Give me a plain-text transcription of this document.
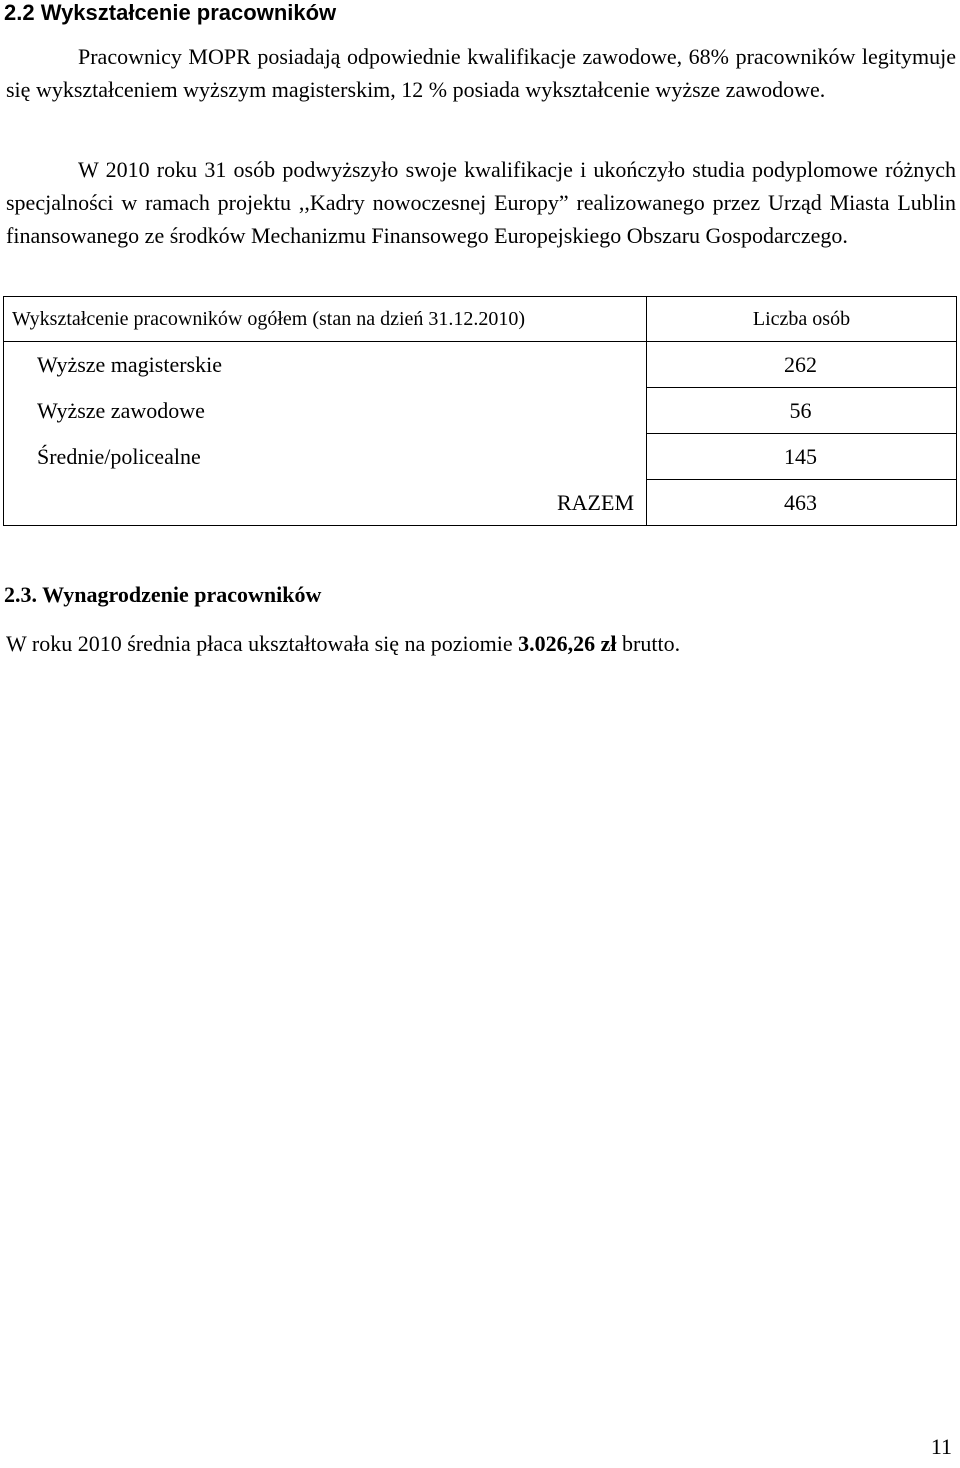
2.2 Wykształcenie pracowników

Pracownicy MOPR posiadają odpowiednie kwalifikacje zawodowe, 68% pracowników legitymuje się wykształceniem wyższym magisterskim, 12 % posiada wykształcenie wyższe zawodowe.

W 2010 roku 31 osób podwyższyło swoje kwalifikacje i ukończyło studia podyplomowe różnych specjalności w ramach projektu ,,Kadry nowoczesnej Europy” realizowanego przez Urząd Miasta Lublin finansowanego ze środków Mechanizmu Finansowego Europejskiego Obszaru Gospodarczego.

Wykształcenie pracowników ogółem (stan na dzień 31.12.2010)	Liczba osób
Wyższe magisterskie	262
Wyższe zawodowe	56
Średnie/policealne	145
RAZEM	463
2.3. Wynagrodzenie pracowników

W roku 2010 średnia płaca ukształtowała się na poziomie 3.026,26 zł brutto.

11
